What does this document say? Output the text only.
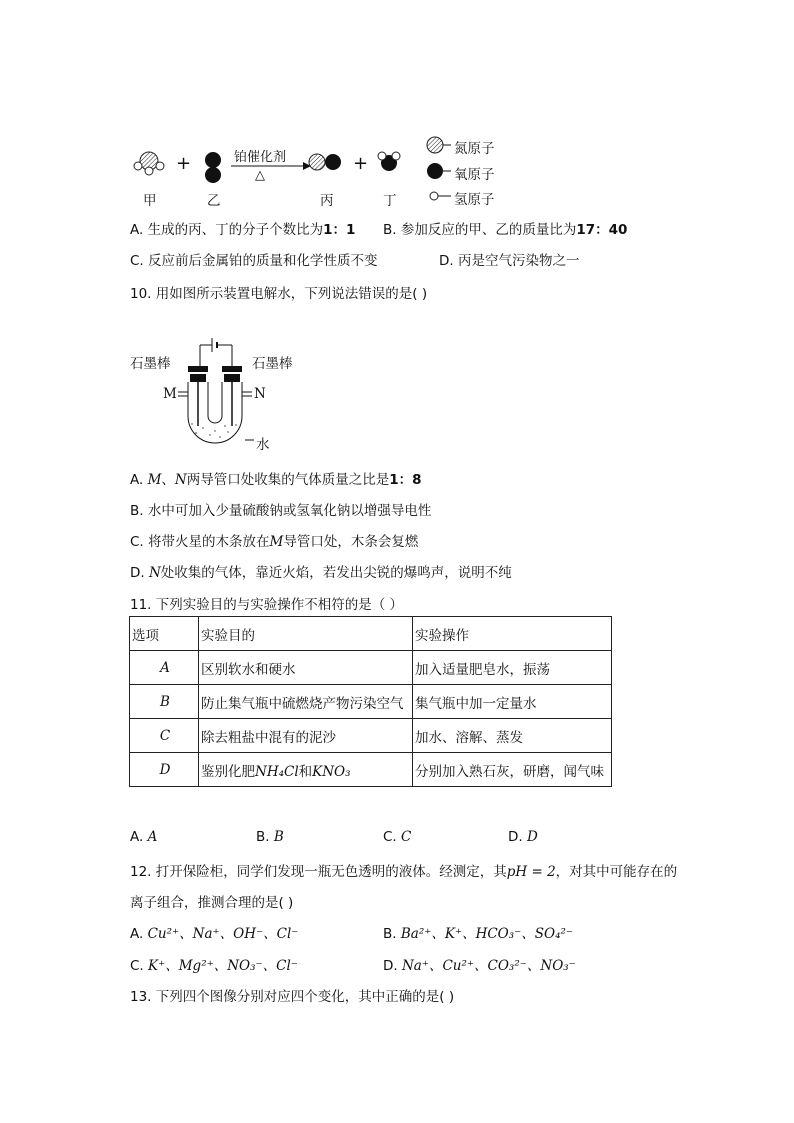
+	+
铂催化剂
△
甲	乙	丙	丁
氮原子
氧原子
氢原子
A. 生成的丙、丁的分子个数比为1：1 B. 参加反应的甲、乙的质量比为17：40
C. 反应前后金属铂的质量和化学性质不变	D. 丙是空气污染物之一
10. 用如图所示装置电解水，下列说法错误的是( )
石墨棒	石墨棒
M	N
水
A. M、N两导管口处收集的气体质量之比是1：8
B. 水中可加入少量硫酸钠或氢氧化钠以增强导电性
C. 将带火星的木条放在M导管口处，木条会复燃
D. N处收集的气体，靠近火焰，若发出尖锐的爆鸣声，说明不纯
11. 下列实验目的与实验操作不相符的是（ ）
选项	实验目的	实验操作
A	区别软水和硬水	加入适量肥皂水，振荡
B	防止集气瓶中硫燃烧产物污染空气	集气瓶中加一定量水
C	除去粗盐中混有的泥沙	加水、溶解、蒸发
D	鉴别化肥NH₄Cl和KNO₃	分别加入熟石灰，研磨，闻气味
A. A	B. B	C. C	D. D
12. 打开保险柜，同学们发现一瓶无色透明的液体。经测定，其pH = 2，对其中可能存在的
离子组合，推测合理的是( )
A. Cu²⁺、Na⁺、OH⁻、Cl⁻	B. Ba²⁺、K⁺、HCO₃⁻、SO₄²⁻
C. K⁺、Mg²⁺、NO₃⁻、Cl⁻	D. Na⁺、Cu²⁺、CO₃²⁻、NO₃⁻
13. 下列四个图像分别对应四个变化，其中正确的是( )
